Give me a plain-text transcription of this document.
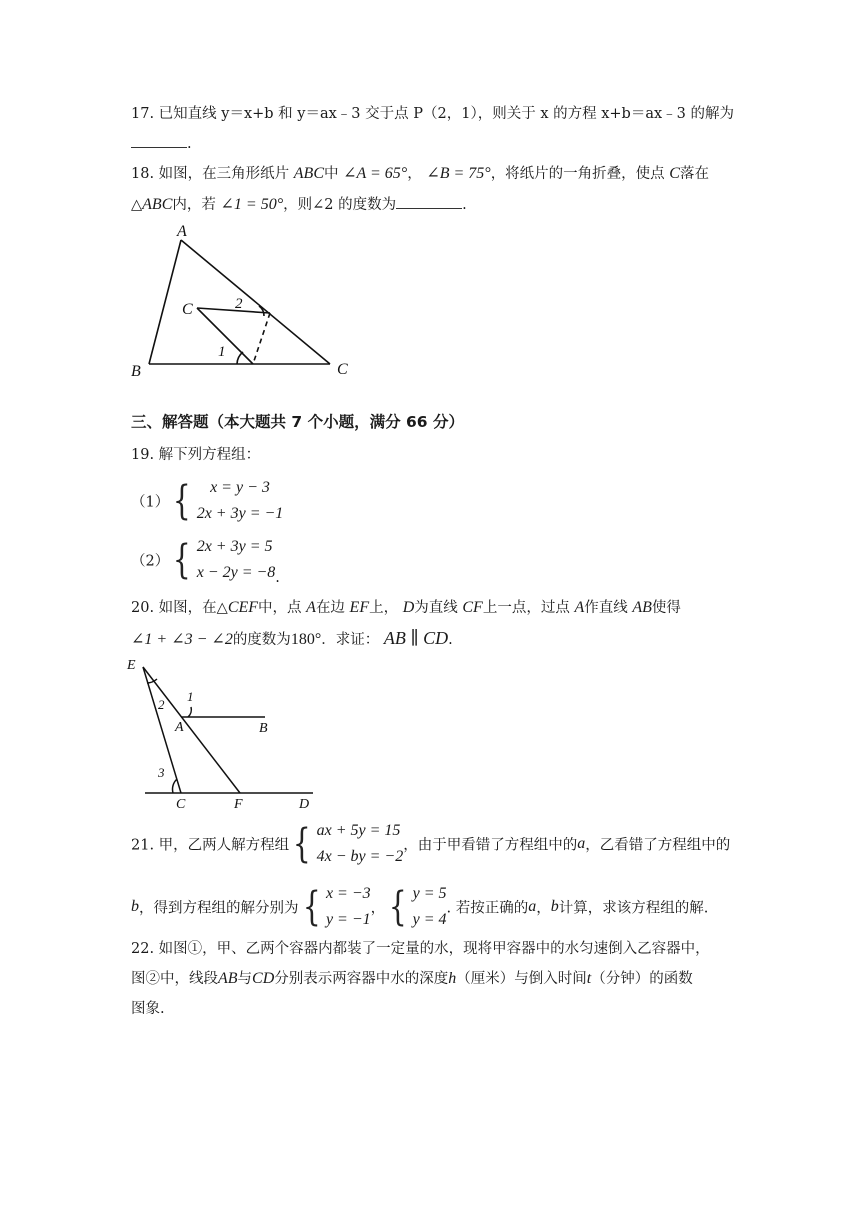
17. 已知直线 y＝x+b 和 y＝ax﹣3 交于点 P（2，1），则关于 x 的方程 x+b＝ax﹣3 的解为
.
18. 如图，在三角形纸片 ABC中 ∠A = 65°， ∠B = 75°，将纸片的一角折叠，使点 C落在
△ABC内，若 ∠1 = 50°，则∠2 的度数为	.
A
B	C
C
1
2
三、解答题（本大题共 7 个小题，满分 66 分）
19. 解下列方程组：
（1） {	x = y − 3
2x + 3y = −1
（2） { 2x + 3y = 5
x − 2y = −8 .
20. 如图，在△CEF中，点 A在边 EF上， D为直线 CF上一点，过点 A作直线 AB使得
∠1 + ∠3 − ∠2的度数为180°．求证： AB ∥ CD.
E
A	B
C	F	D
1
2
3
21. 甲，乙两人解方程组 { ax + 5y = 15
4x − by = −2
，由于甲看错了方程组中的a，乙看错了方程组中的
b，得到方程组的解分别为 { x = −3
y = −1
， { y = 5
y = 4
. 若按正确的a，b计算，求该方程组的解.
22. 如图①，甲、乙两个容器内都装了一定量的水，现将甲容器中的水匀速倒入乙容器中，
图②中，线段AB与CD分别表示两容器中水的深度h（厘米）与倒入时间t（分钟）的函数
图象.
